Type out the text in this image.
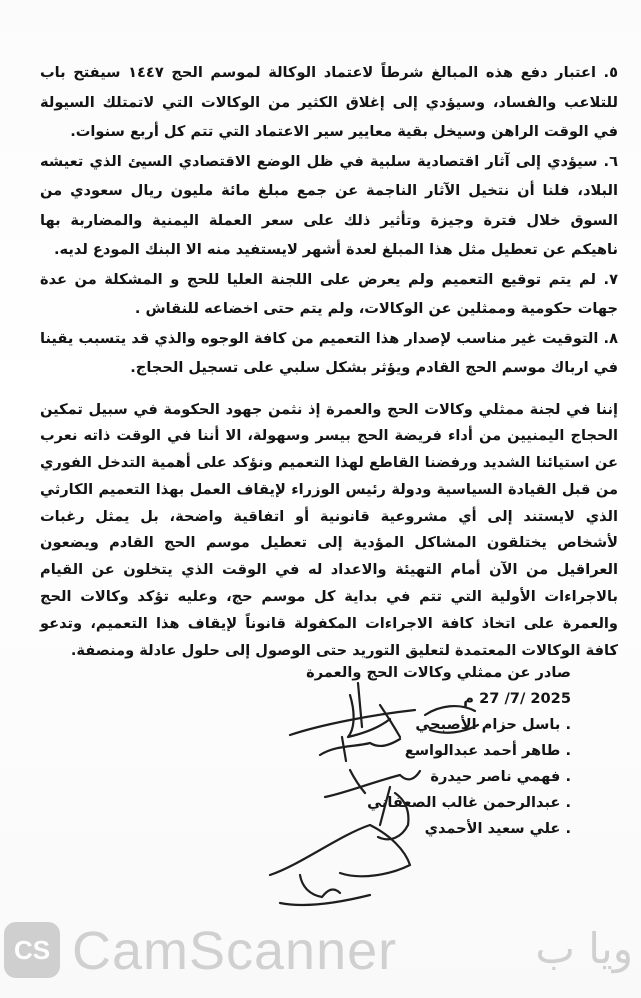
٥. اعتبار دفع هذه المبالغ شرطاً لاعتماد الوكالة لموسم الحج ١٤٤٧ سيفتح باب للتلاعب والفساد، وسيؤدي إلى إغلاق الكثير من الوكالات التي لاتمتلك السيولة في الوقت الراهن وسيخل بقية معايير سير الاعتماد التي تتم كل أربع سنوات.
٦. سيؤدي إلى آثار اقتصادية سلبية في ظل الوضع الاقتصادي السيئ الذي تعيشه البلاد، فلنا أن نتخيل الآثار الناجمة عن جمع مبلغ مائة مليون ريال سعودي من السوق خلال فترة وجيزة وتأثير ذلك على سعر العملة اليمنية والمضاربة بها ناهيكم عن تعطيل مثل هذا المبلغ لعدة أشهر لايستفيد منه الا البنك المودع لديه.
٧. لم يتم توقيع التعميم ولم يعرض على اللجنة العليا للحج و المشكلة من عدة جهات حكومية وممثلين عن الوكالات، ولم يتم حتى اخضاعه للنقاش .
٨. التوقيت غير مناسب لإصدار هذا التعميم من كافة الوجوه والذي قد يتسبب يقينا في ارباك موسم الحج القادم ويؤثر بشكل سلبي على تسجيل الحجاج.

إننا في لجنة ممثلي وكالات الحج والعمرة إذ نثمن جهود الحكومة في سبيل تمكين الحجاج اليمنيين من أداء فريضة الحج بيسر وسهولة، الا أننا في الوقت ذاته نعرب عن استيائنا الشديد ورفضنا القاطع لهذا التعميم ونؤكد على أهمية التدخل الفوري من قبل القيادة السياسية ودولة رئيس الوزراء لإيقاف العمل بهذا التعميم الكارثي الذي لايستند إلى أي مشروعية قانونية أو اتفاقية واضحة، بل يمثل رغبات لأشخاص يختلقون المشاكل المؤدية إلى تعطيل موسم الحج القادم ويضعون العراقيل من الآن أمام التهيئة والاعداد له في الوقت الذي يتخلون عن القيام بالاجراءات الأولية التي تتم في بداية كل موسم حج، وعليه تؤكد وكالات الحج والعمرة على اتخاذ كافة الاجراءات المكفولة قانوناً لإيقاف هذا التعميم، وتدعو كافة الوكالات المعتمدة لتعليق التوريد حتى الوصول إلى حلول عادلة ومنصفة.

صادر عن ممثلي وكالات الحج والعمرة
2025 /7/ 27 م
. باسل حزام الأصبحي
. طاهر أحمد عبدالواسع
. فهمي ناصر حيدرة
. عبدالرحمن غالب الصعفاني
. علي سعيد الأحمدي
CS CamScanner	ويا ب
